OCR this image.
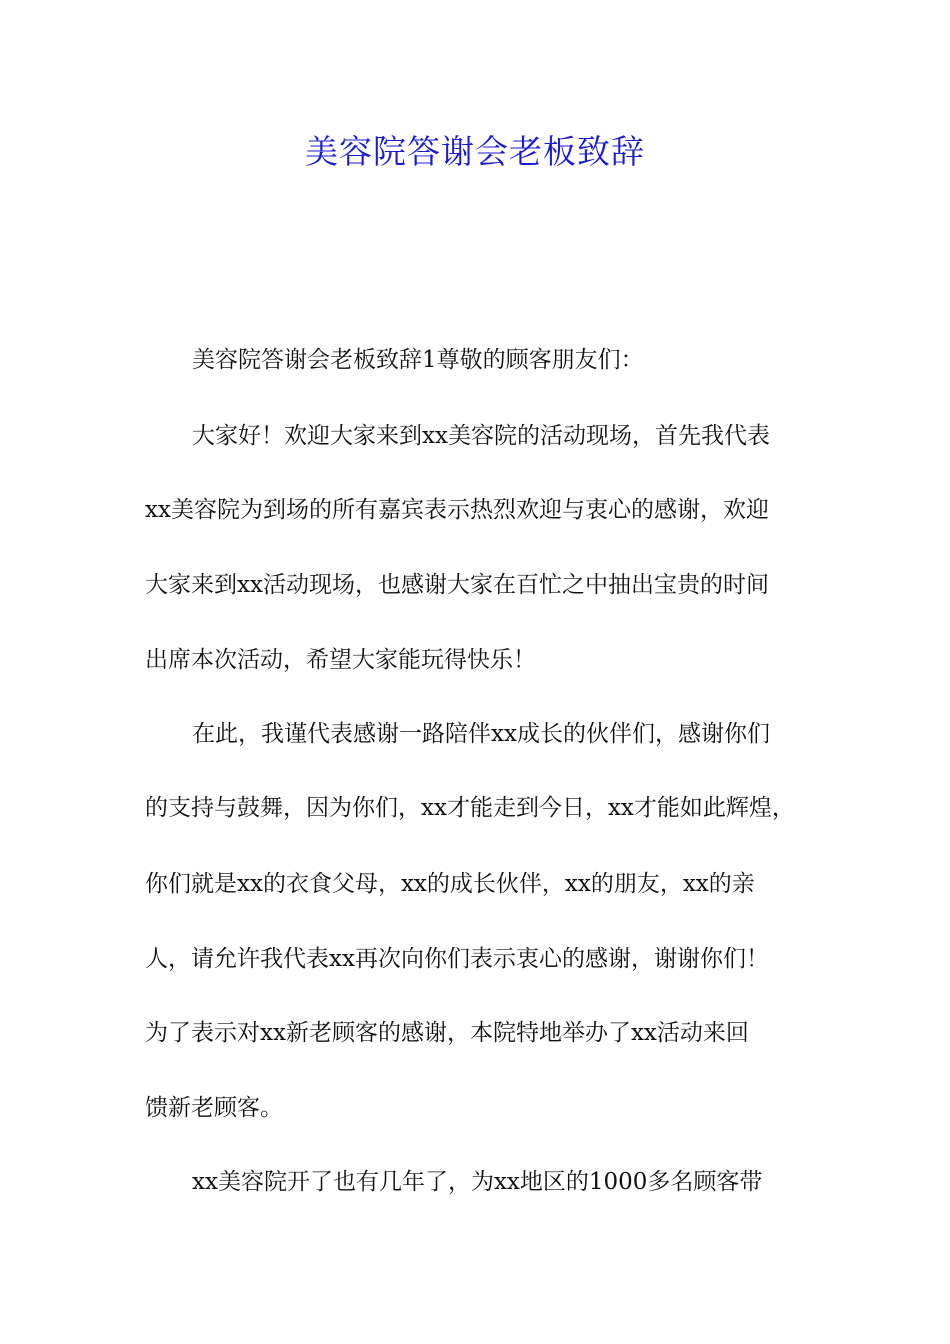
美容院答谢会老板致辞
美容院答谢会老板致辞1尊敬的顾客朋友们：
大家好！欢迎大家来到xx美容院的活动现场，首先我代表
xx美容院为到场的所有嘉宾表示热烈欢迎与衷心的感谢，欢迎
大家来到xx活动现场，也感谢大家在百忙之中抽出宝贵的时间
出席本次活动，希望大家能玩得快乐！
在此，我谨代表感谢一路陪伴xx成长的伙伴们，感谢你们
的支持与鼓舞，因为你们，xx才能走到今日，xx才能如此辉煌，
你们就是xx的衣食父母，xx的成长伙伴，xx的朋友，xx的亲
人，请允许我代表xx再次向你们表示衷心的感谢，谢谢你们！
为了表示对xx新老顾客的感谢，本院特地举办了xx活动来回
馈新老顾客。
xx美容院开了也有几年了，为xx地区的1000多名顾客带
